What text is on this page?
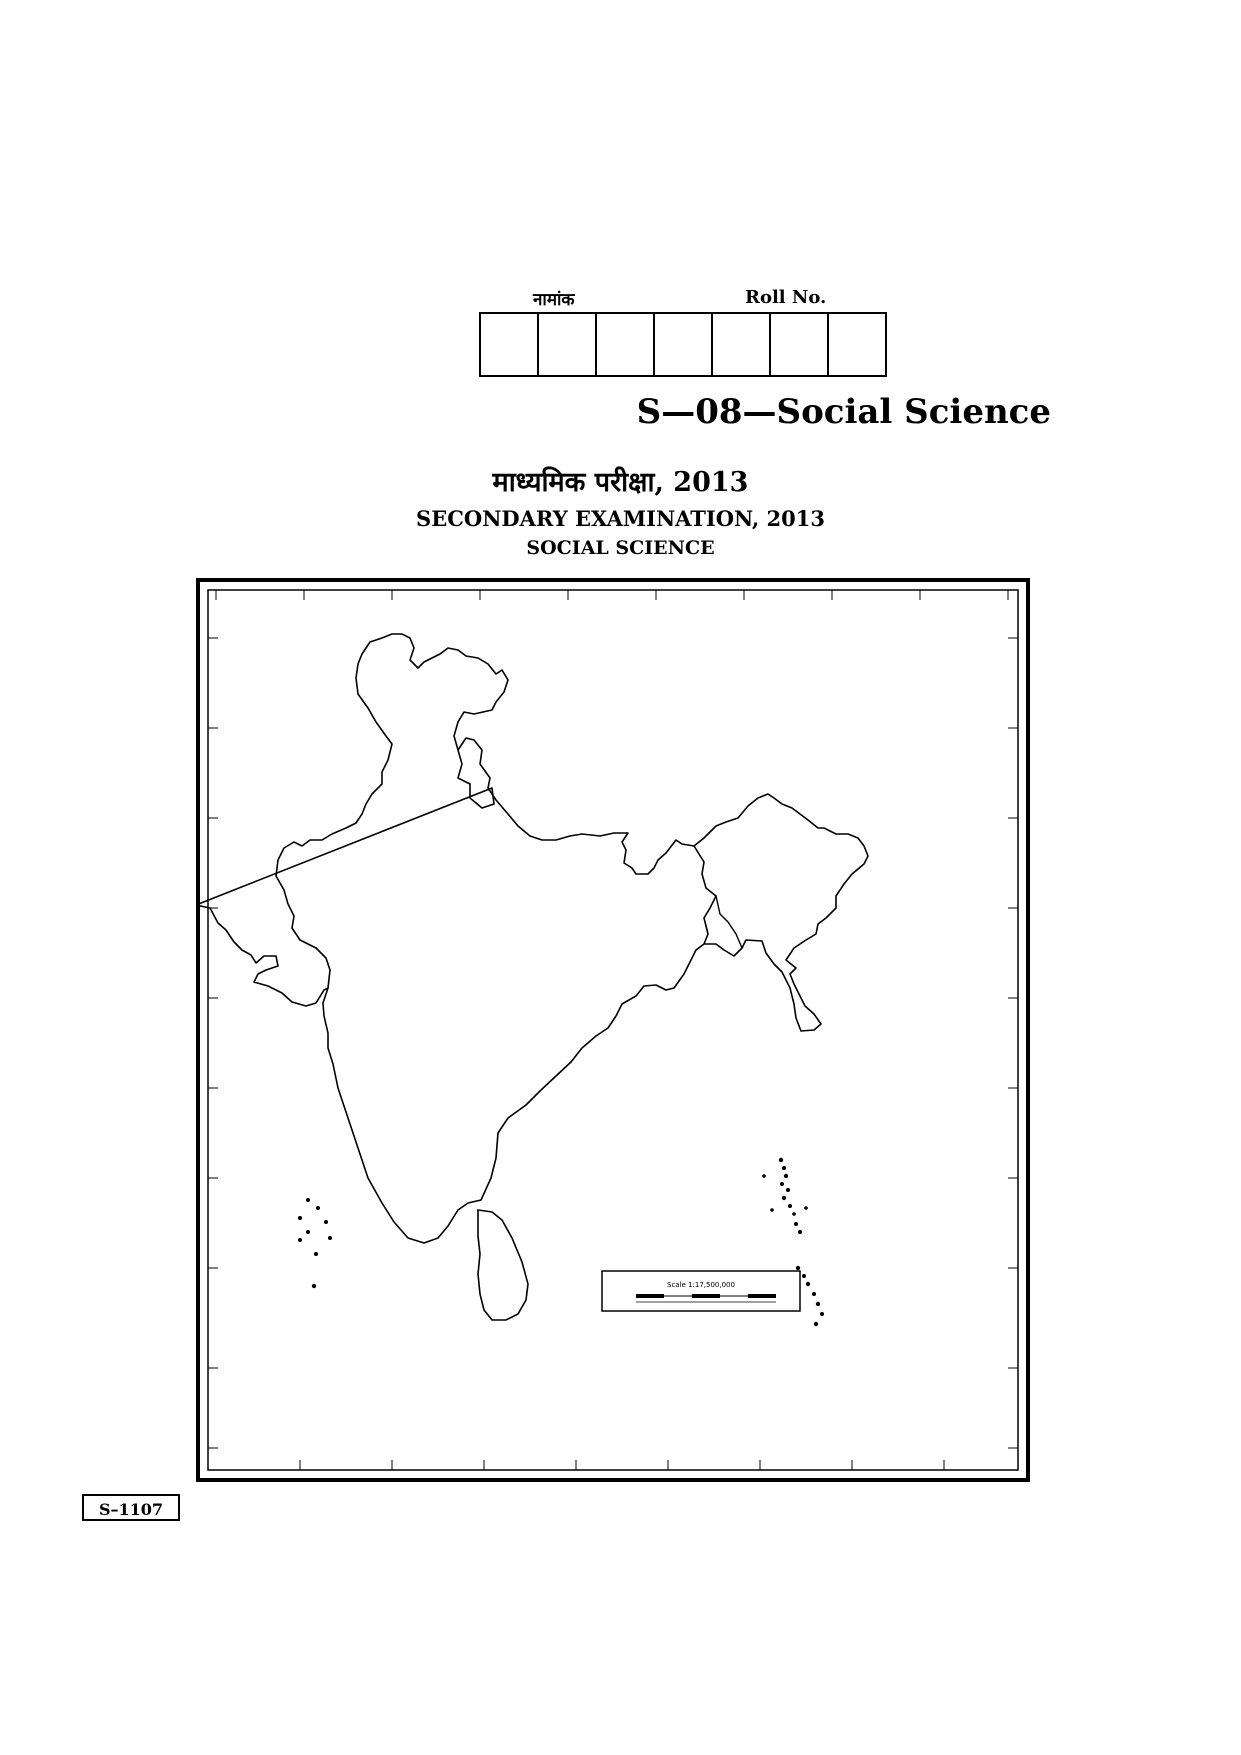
नामांक	Roll No.
S—08—Social Science
माध्यमिक परीक्षा, 2013
SECONDARY EXAMINATION, 2013
SOCIAL SCIENCE
Scale 1:17,500,000
S–1107
